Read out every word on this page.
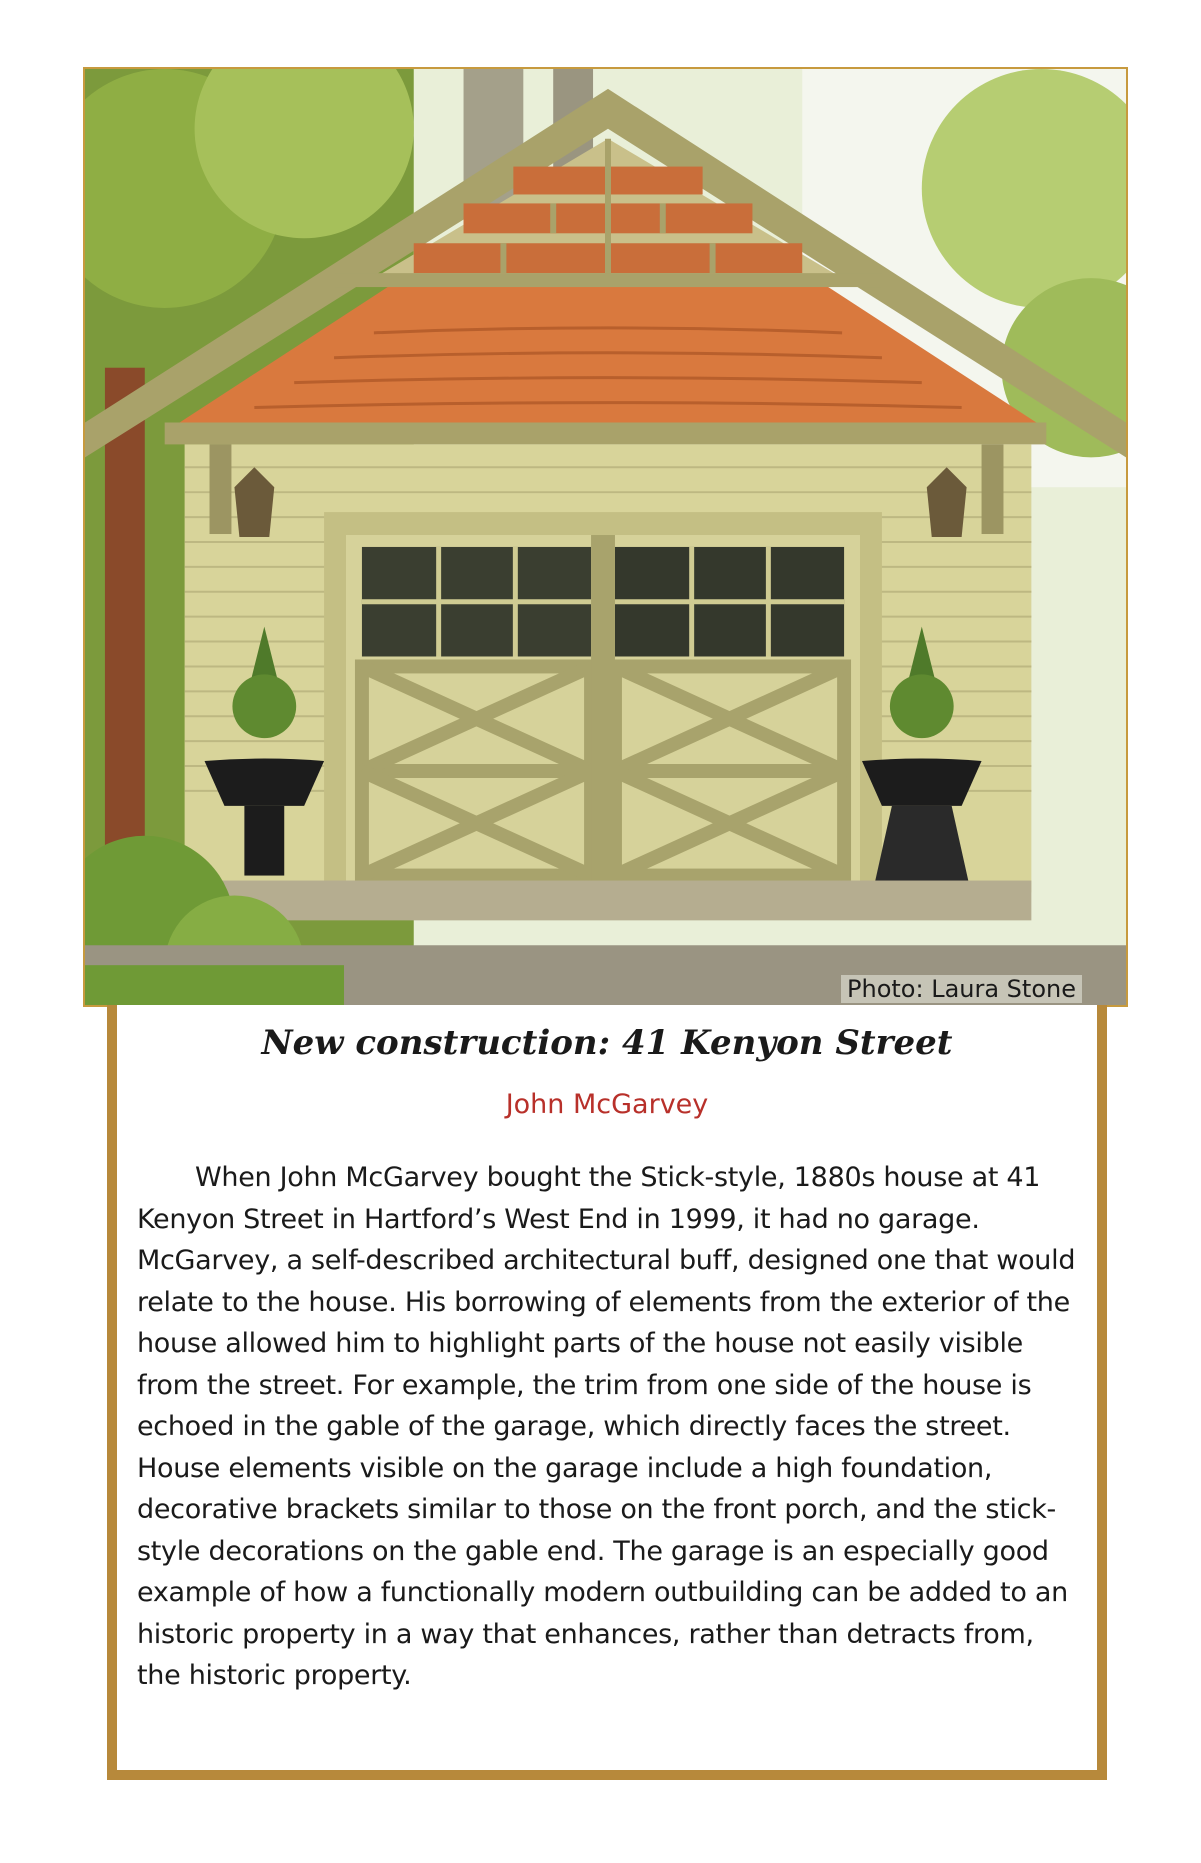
Photo: Laura Stone
New construction: 41 Kenyon Street
John McGarvey

When John McGarvey bought the Stick-style, 1880s house at 41 Kenyon Street in Hartford’s West End in 1999, it had no garage. McGarvey, a self-described architectural buff, designed one that would relate to the house. His borrowing of elements from the exterior of the house allowed him to highlight parts of the house not easily visible from the street. For example, the trim from one side of the house is echoed in the gable of the garage, which directly faces the street. House elements visible on the garage include a high foundation, decorative brackets similar to those on the front porch, and the stick-style decorations on the gable end. The garage is an especially good example of how a functionally modern outbuilding can be added to an historic property in a way that enhances, rather than detracts from, the historic property.
